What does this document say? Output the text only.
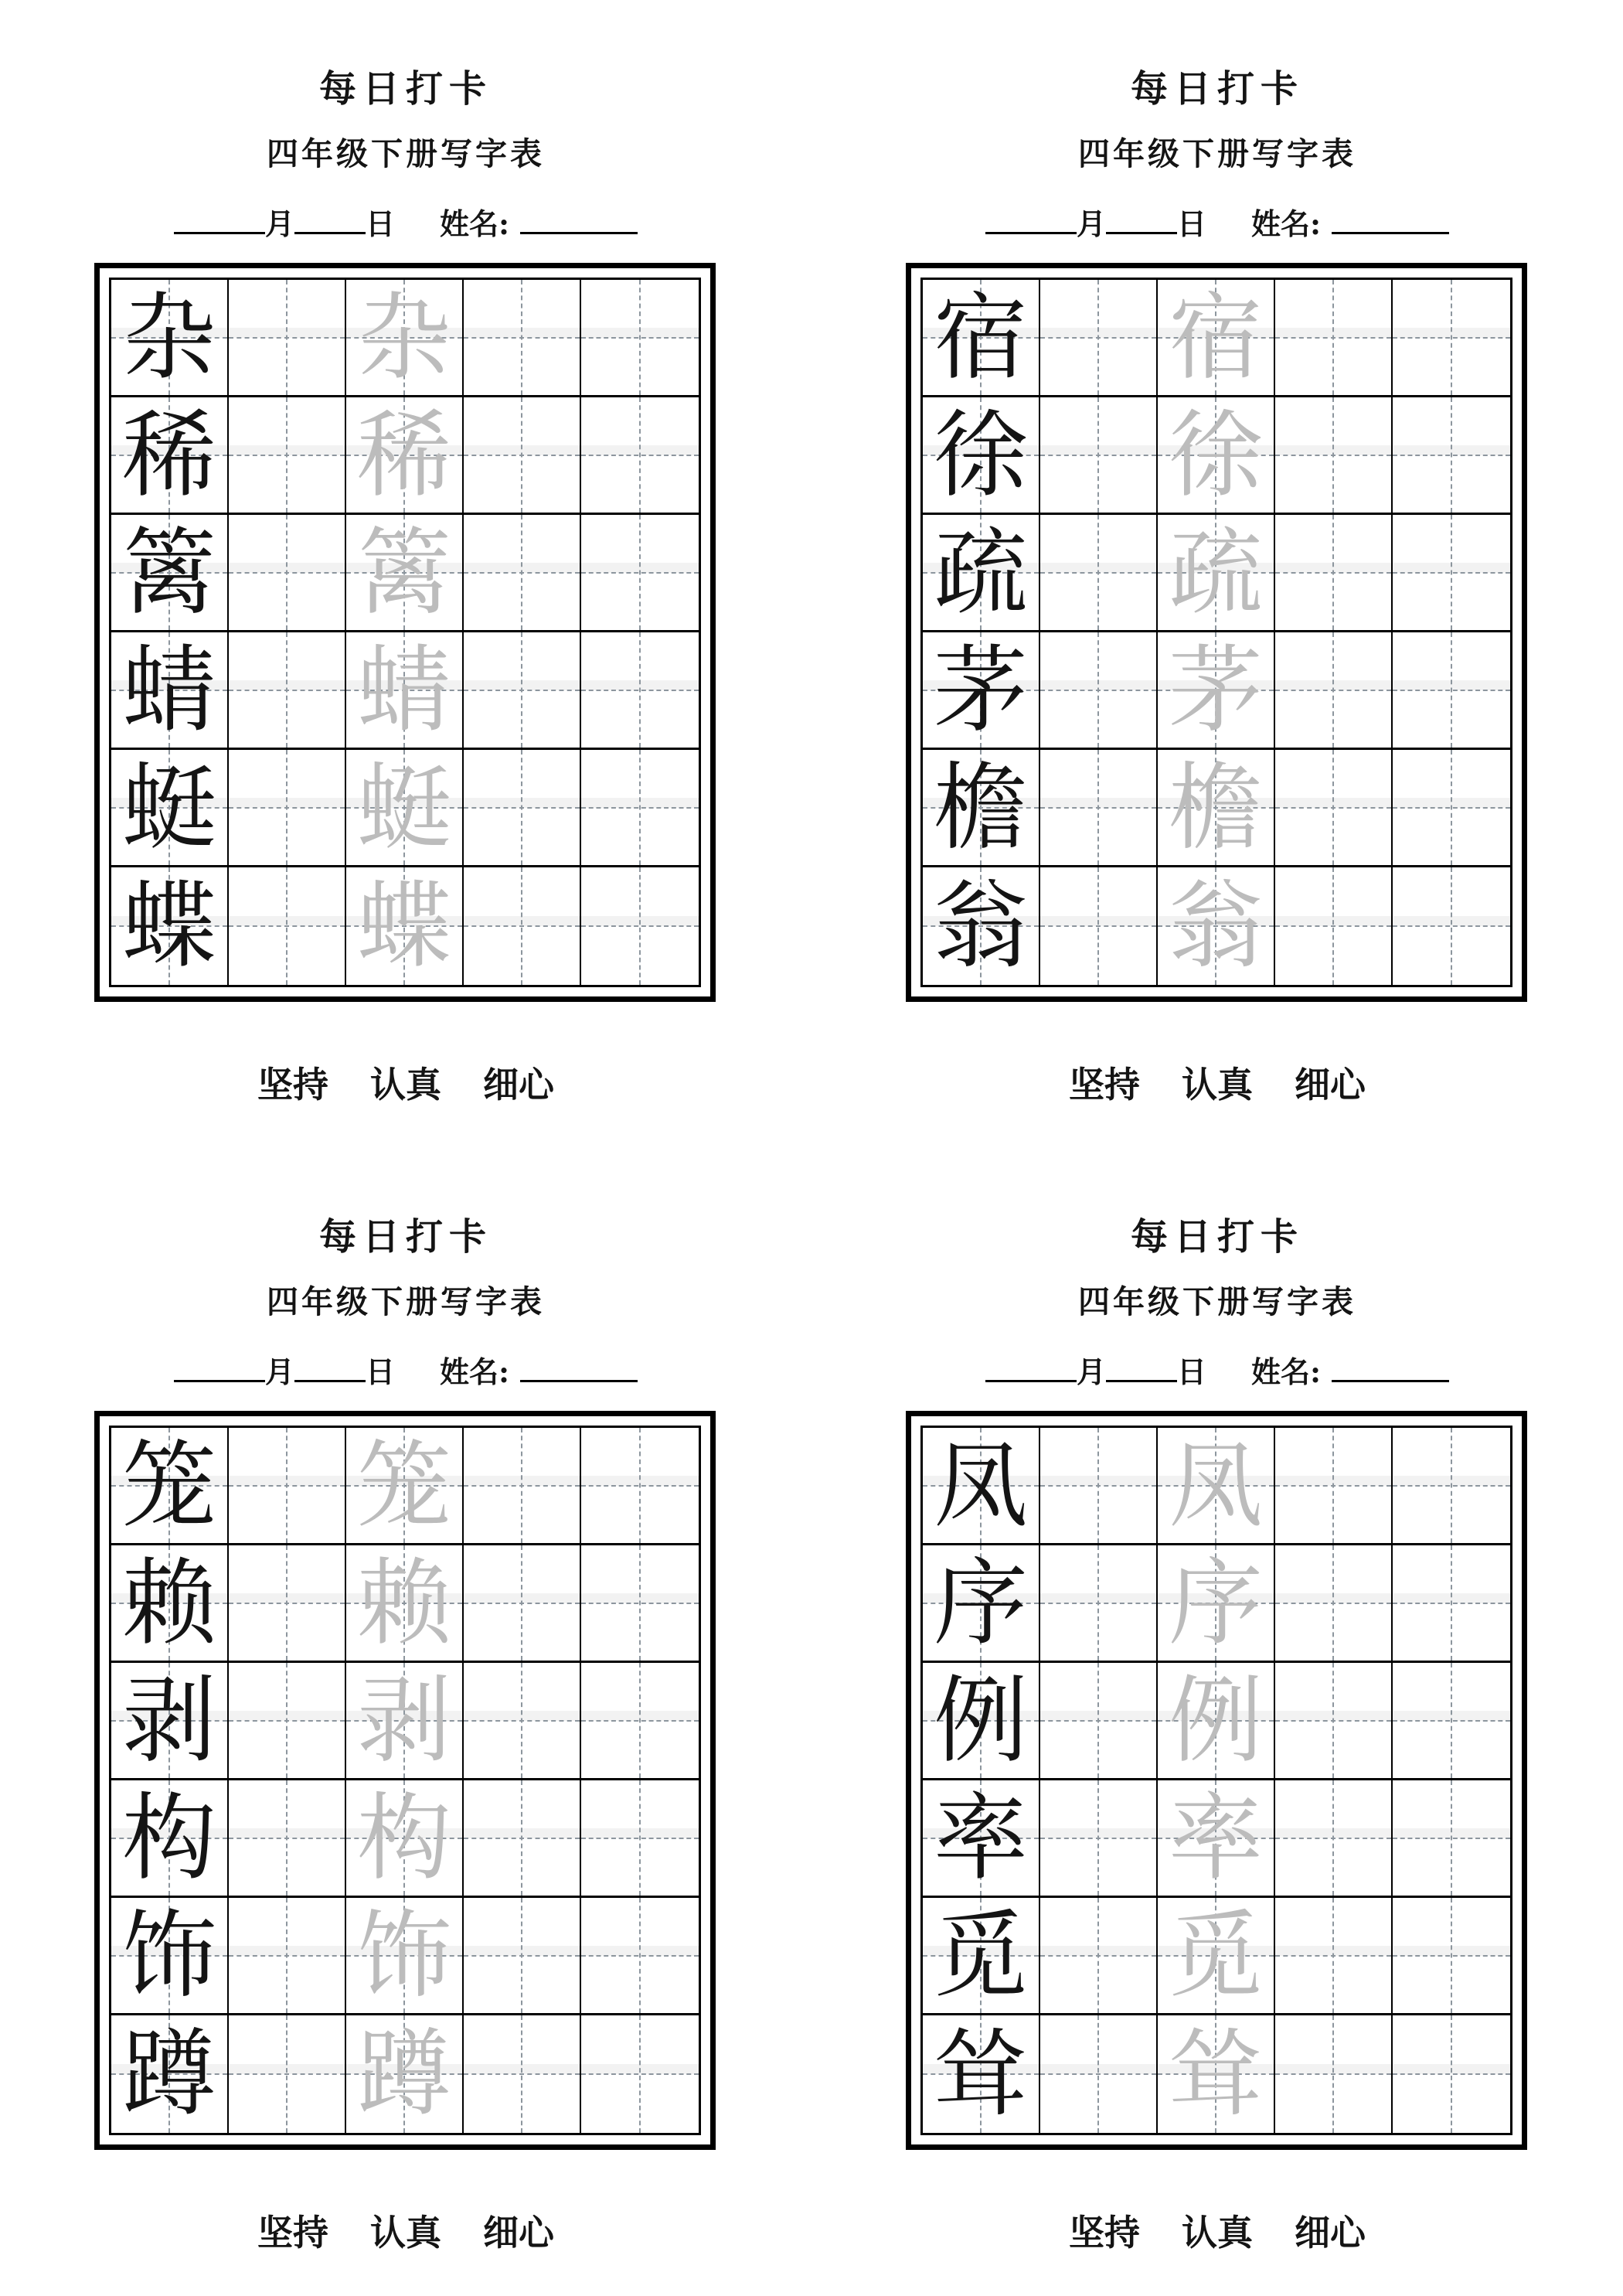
每日打卡
四年级下册写字表
月 日 姓名:
杂 杂
稀 稀
篱 篱
蜻 蜻
蜓 蜓
蝶 蝶
坚持 认真 细心
每日打卡
四年级下册写字表
月 日 姓名:
宿 宿
徐 徐
疏 疏
茅 茅
檐 檐
翁 翁
坚持 认真 细心
每日打卡
四年级下册写字表
月 日 姓名:
笼 笼
赖 赖
剥 剥
构 构
饰 饰
蹲 蹲
坚持 认真 细心
每日打卡
四年级下册写字表
月 日 姓名:
凤 凤
序 序
例 例
率 率
觅 觅
耸 耸
坚持 认真 细心
